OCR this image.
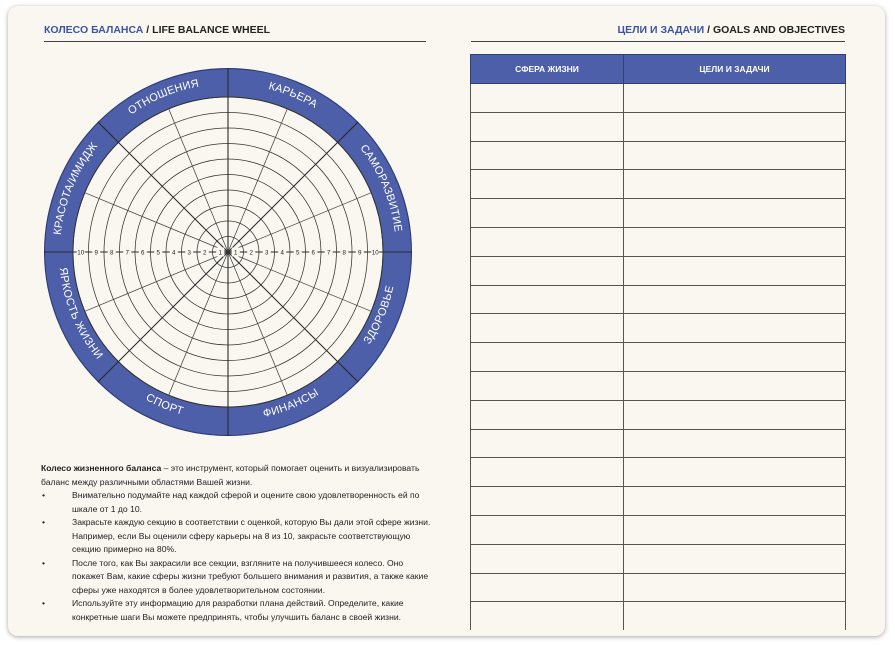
КОЛЕСО БАЛАНСА / LIFE BALANCE WHEEL	ЦЕЛИ И ЗАДАЧИ / GOALS AND OBJECTIVES
1
1	2
2	3
3	4
4	5
5	6
6	7
7	8
8	9
9	10
10
КАРЬЕРА
САМОРАЗВИТИЕ
ЗДОРОВЬЕ
ФИНАНСЫ
СПОРТ
ЯРКОСТЬ ЖИЗНИ
КРАСОТА/ИМИДЖ
ОТНОШЕНИЯ

Колесо жизненного баланса – это инструмент, который помогает оценить и визуализировать баланс между различными областями Вашей жизни.

•	Внимательно подумайте над каждой сферой и оцените свою удовлетворенность ей по шкале от 1 до 10.
•	Закрасьте каждую секцию в соответствии с оценкой, которую Вы дали этой сфере жизни. Например, если Вы оценили сферу карьеры на 8 из 10, закрасьте соответствующую секцию примерно на 80%.
•	После того, как Вы закрасили все секции, взгляните на получившееся колесо. Оно покажет Вам, какие сферы жизни требуют большего внимания и развития, а также какие сферы уже находятся в более удовлетворительном состоянии.
•	Используйте эту информацию для разработки плана действий. Определите, какие конкретные шаги Вы можете предпринять, чтобы улучшить баланс в своей жизни.
СФЕРА ЖИЗНИ	ЦЕЛИ И ЗАДАЧИ
